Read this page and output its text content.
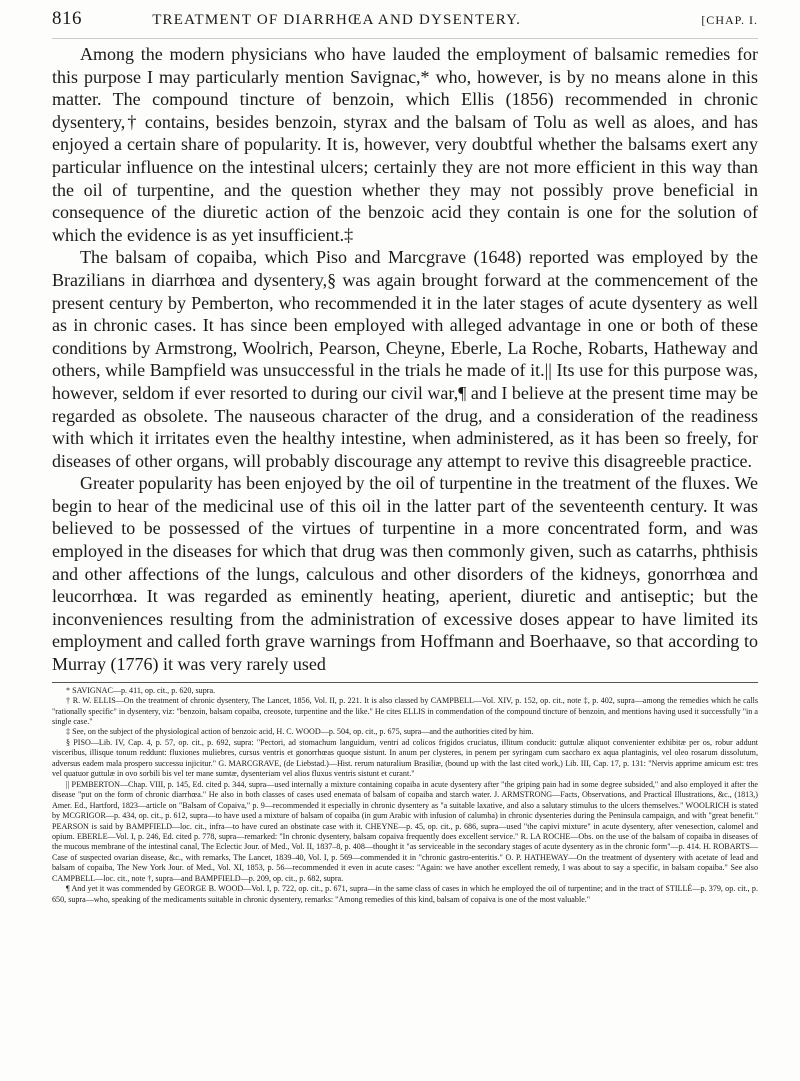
816	TREATMENT OF DIARRHŒA AND DYSENTERY.	[CHAP. I.

Among the modern physicians who have lauded the employment of balsamic remedies for this purpose I may particularly mention Savignac,* who, however, is by no means alone in this matter. The compound tincture of benzoin, which Ellis (1856) recommended in chronic dysentery,† contains, besides benzoin, styrax and the balsam of Tolu as well as aloes, and has enjoyed a certain share of popularity. It is, however, very doubtful whether the balsams exert any particular influence on the intestinal ulcers; certainly they are not more efficient in this way than the oil of turpentine, and the question whether they may not possibly prove beneficial in consequence of the diuretic action of the benzoic acid they contain is one for the solution of which the evidence is as yet insufficient.‡

The balsam of copaiba, which Piso and Marcgrave (1648) reported was employed by the Brazilians in diarrhœa and dysentery,§ was again brought forward at the commencement of the present century by Pemberton, who recommended it in the later stages of acute dysentery as well as in chronic cases. It has since been employed with alleged advantage in one or both of these conditions by Armstrong, Woolrich, Pearson, Cheyne, Eberle, La Roche, Robarts, Hatheway and others, while Bampfield was unsuccessful in the trials he made of it.|| Its use for this purpose was, however, seldom if ever resorted to during our civil war,¶ and I believe at the present time may be regarded as obsolete. The nauseous character of the drug, and a consideration of the readiness with which it irritates even the healthy intestine, when administered, as it has been so freely, for diseases of other organs, will probably discourage any attempt to revive this disagreeble practice.

Greater popularity has been enjoyed by the oil of turpentine in the treatment of the fluxes. We begin to hear of the medicinal use of this oil in the latter part of the seventeenth century. It was believed to be possessed of the virtues of turpentine in a more concentrated form, and was employed in the diseases for which that drug was then commonly given, such as catarrhs, phthisis and other affections of the lungs, calculous and other disorders of the kidneys, gonorrhœa and leucorrhœa. It was regarded as eminently heating, aperient, diuretic and antiseptic; but the inconveniences resulting from the administration of excessive doses appear to have limited its employment and called forth grave warnings from Hoffmann and Boerhaave, so that according to Murray (1776) it was very rarely used

* SAVIGNAC—p. 411, op. cit., p. 620, supra.

† R. W. ELLIS—On the treatment of chronic dysentery, The Lancet, 1856, Vol. II, p. 221. It is also classed by CAMPBELL—Vol. XIV, p. 152, op. cit., note ‡, p. 402, supra—among the remedies which he calls "rationally specific" in dysentery, viz: "benzoin, balsam copaiba, creosote, turpentine and the like." He cites ELLIS in commendation of the compound tincture of benzoin, and mentions having used it successfully "in a single case."

‡ See, on the subject of the physiological action of benzoic acid, H. C. WOOD—p. 504, op. cit., p. 675, supra—and the authorities cited by him.

§ PISO—Lib. IV, Cap. 4, p. 57, op. cit., p. 692, supra: "Pectori, ad stomachum languidum, ventri ad colicos frigidos cruciatus, illitum conducit: guttulæ aliquot convenienter exhibitæ per os, robur addunt visceribus, illisque tonum reddunt: fluxiones muliebres, cursus ventris et gonorrhœas quoque sistunt. In anum per clysteres, in penem per syringam cum saccharo ex aqua plantaginis, vel oleo rosarum dissolutum, adversus eadem mala prospero successu injicitur." G. MARCGRAVE, (de Liebstad.)—Hist. rerum naturalium Brasiliæ, (bound up with the last cited work,) Lib. III, Cap. 17, p. 131: "Nervis apprime amicum est: tres vel quatuor guttulæ in ovo sorbili bis vel ter mane sumtæ, dysenteriam vel alios fluxus ventris sistunt et curant."

|| PEMBERTON—Chap. VIII, p. 145, Ed. cited p. 344, supra—used internally a mixture containing copaiba in acute dysentery after "the griping pain had in some degree subsided," and also employed it after the disease "put on the form of chronic diarrhœa." He also in both classes of cases used enemata of balsam of copaiba and starch water. J. ARMSTRONG—Facts, Observations, and Practical Illustrations, &c., (1813,) Amer. Ed., Hartford, 1823—article on "Balsam of Copaiva," p. 9—recommended it especially in chronic dysentery as "a suitable laxative, and also a salutary stimulus to the ulcers themselves." WOOLRICH is stated by MCGRIGOR—p. 434, op. cit., p. 612, supra—to have used a mixture of balsam of copaiba (in gum Arabic with infusion of calumba) in chronic dysenteries during the Peninsula campaign, and with "great benefit." PEARSON is said by BAMPFIELD—loc. cit., infra—to have cured an obstinate case with it. CHEYNE—p. 45, op. cit., p. 686, supra—used "the capivi mixture" in acute dysentery, after venesection, calomel and opium. EBERLE—Vol. I, p. 246, Ed. cited p. 778, supra—remarked: "In chronic dysentery, balsam copaiva frequently does excellent service." R. LA ROCHE—Obs. on the use of the balsam of copaiba in diseases of the mucous membrane of the intestinal canal, The Eclectic Jour. of Med., Vol. II, 1837–8, p. 408—thought it "as serviceable in the secondary stages of acute dysentery as in the chronic form"—p. 414. H. ROBARTS—Case of suspected ovarian disease, &c., with remarks, The Lancet, 1839–40, Vol. I, p. 569—commended it in "chronic gastro-enteritis." O. P. HATHEWAY—On the treatment of dysentery with acetate of lead and balsam of copaiba, The New York Jour. of Med., Vol. XI, 1853, p. 56—recommended it even in acute cases: "Again: we have another excellent remedy, I was about to say a specific, in balsam copaiba." See also CAMPBELL—loc. cit., note †, supra—and BAMPFIELD—p. 209, op. cit., p. 682, supra.

¶ And yet it was commended by GEORGE B. WOOD—Vol. I, p. 722, op. cit., p. 671, supra—in the same class of cases in which he employed the oil of turpentine; and in the tract of STILLÉ—p. 379, op. cit., p. 650, supra—who, speaking of the medicaments suitable in chronic dysentery, remarks: "Among remedies of this kind, balsam of copaiva is one of the most valuable."
